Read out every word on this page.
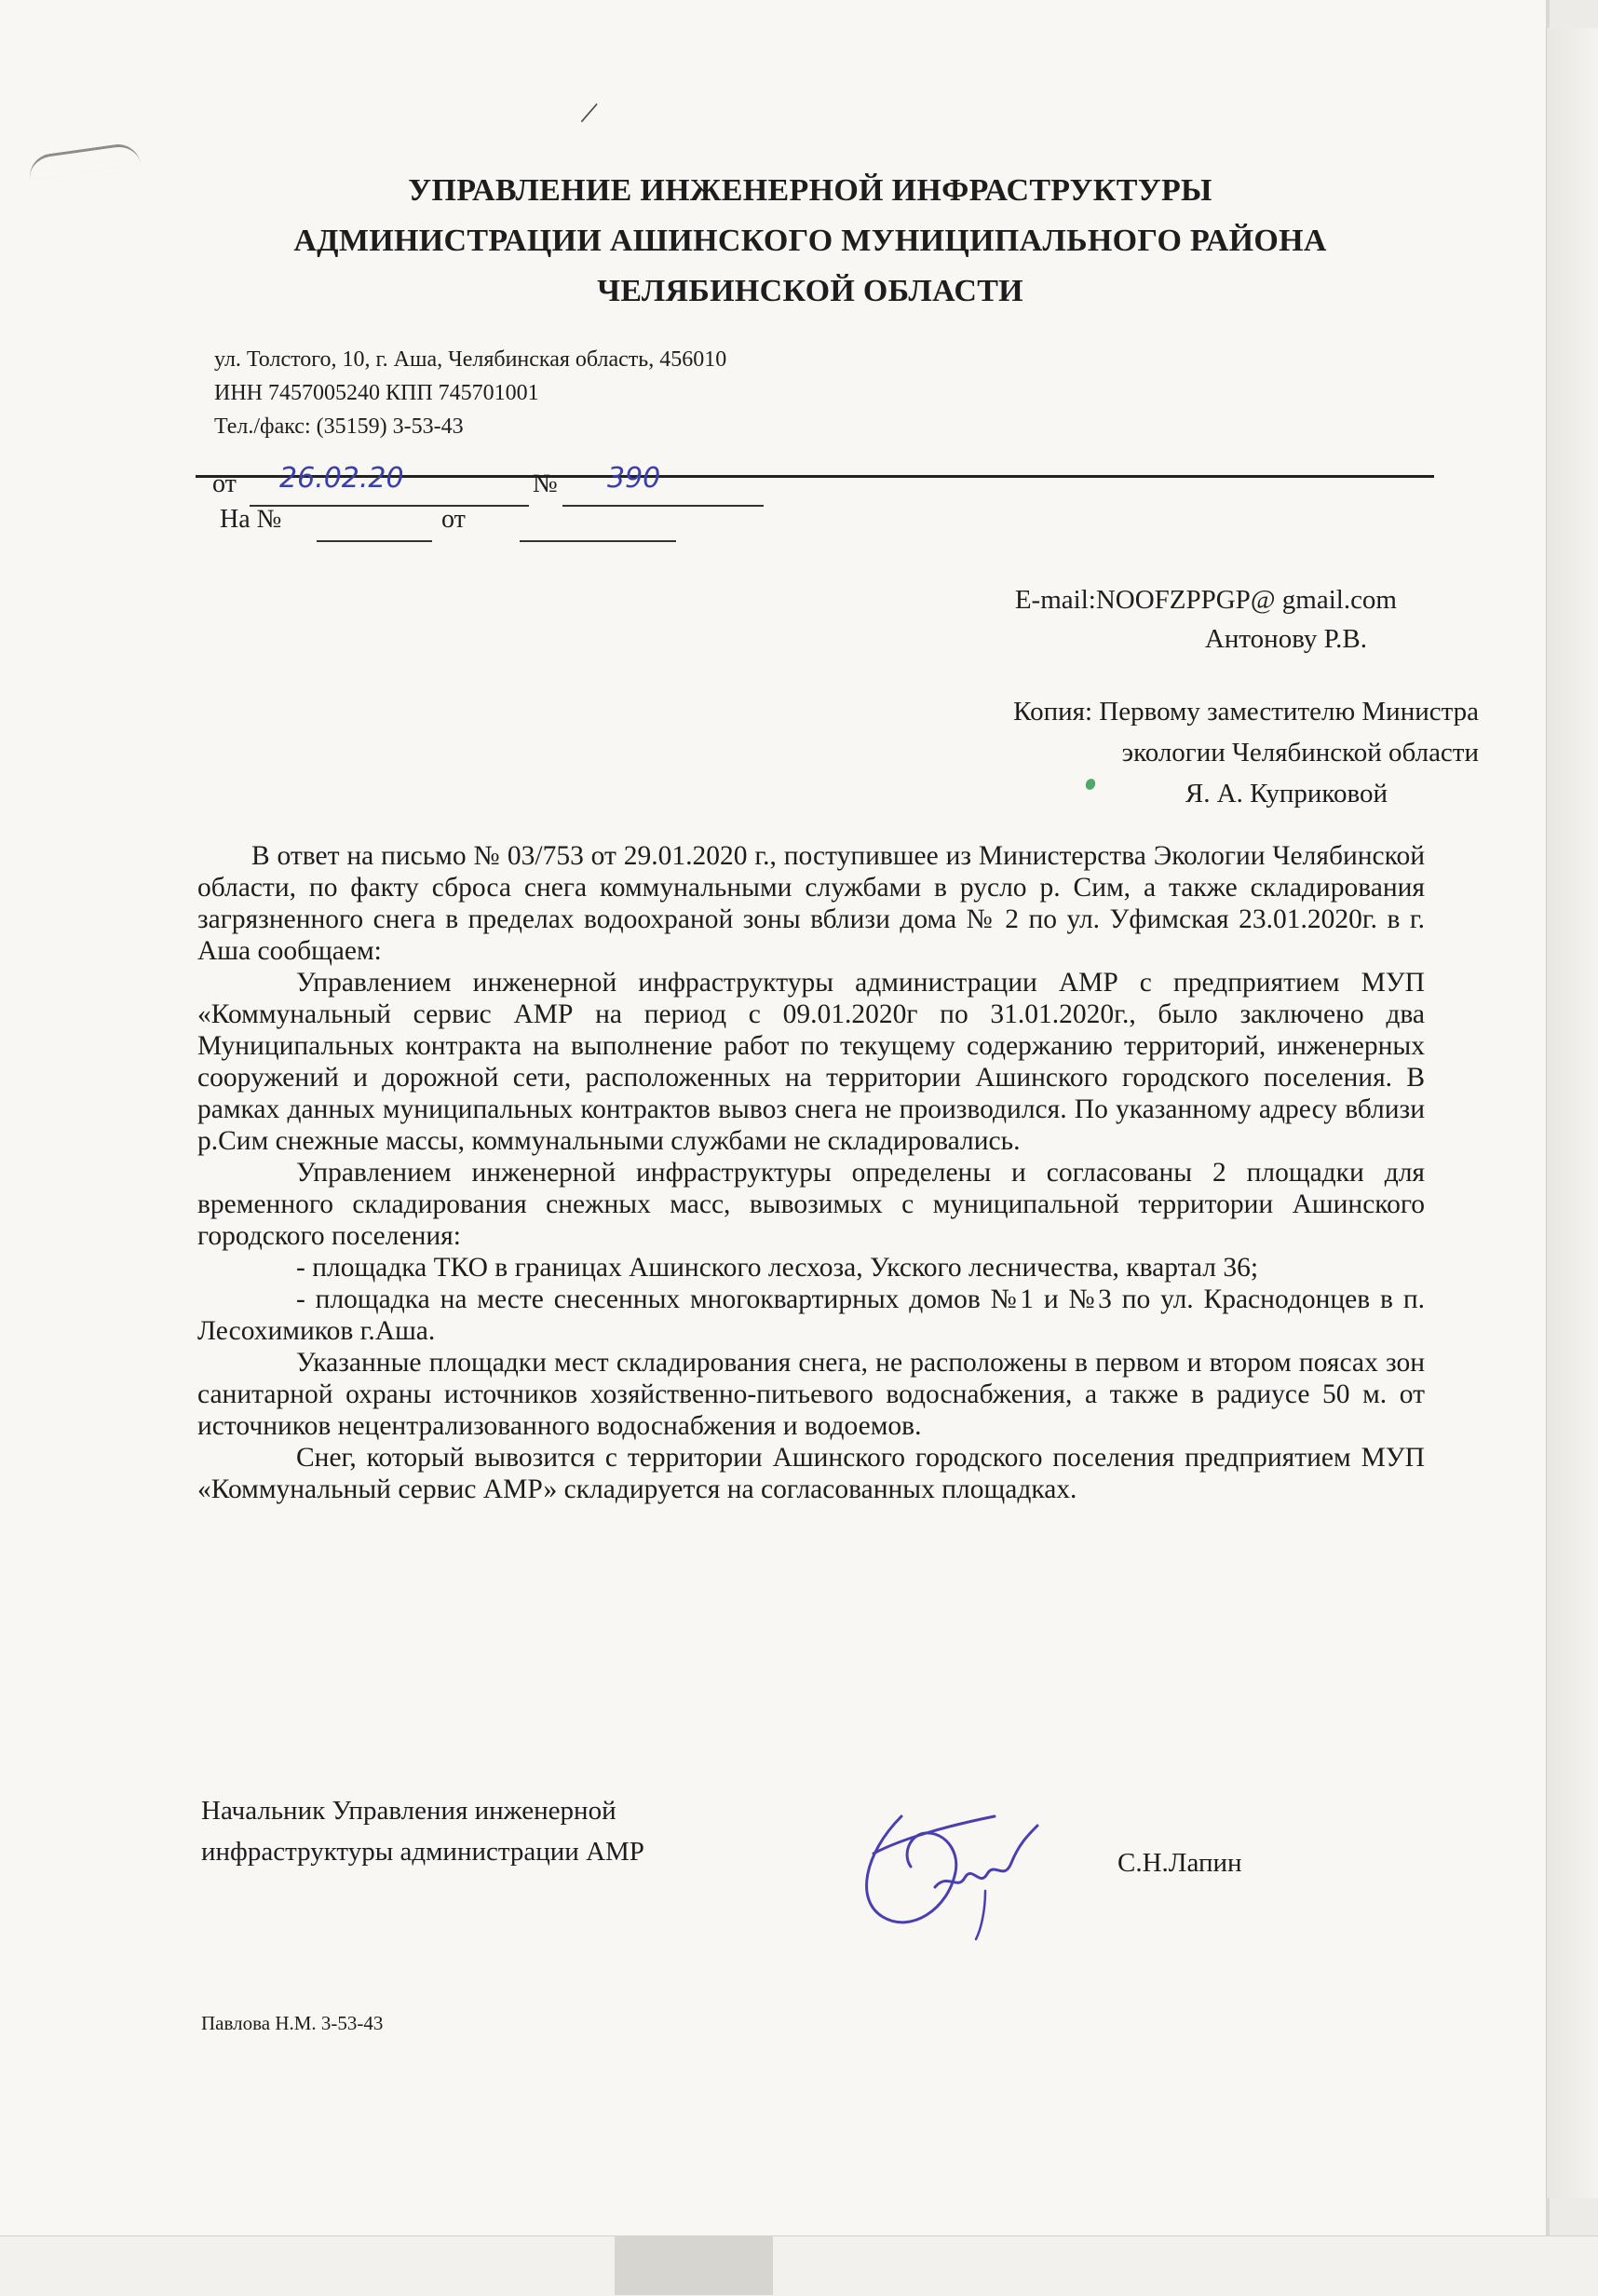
\
УПРАВЛЕНИЕ ИНЖЕНЕРНОЙ ИНФРАСТРУКТУРЫ
АДМИНИСТРАЦИИ АШИНСКОГО МУНИЦИПАЛЬНОГО РАЙОНА
ЧЕЛЯБИНСКОЙ ОБЛАСТИ
ул. Толстого, 10, г. Аша, Челябинская область, 456010
ИНН 7457005240 КПП 745701001
Тел./факс: (35159) 3-53-43
от 26.02.20	№ 390
На №	от
E-mail:NOOFZPPGP@ gmail.com
Антонову Р.В.
Копия: Первому заместителю Министра
экологии Челябинской области
Я. А. Куприковой

В ответ на письмо № 03/753 от 29.01.2020 г., поступившее из Министерства Экологии Челябинской области, по факту сброса снега коммунальными службами в русло р. Сим, а также складирования загрязненного снега в пределах водоохраной зоны вблизи дома № 2 по ул. Уфимская 23.01.2020г. в г. Аша сообщаем:

Управлением инженерной инфраструктуры администрации АМР с предприятием МУП «Коммунальный сервис АМР на период с 09.01.2020г по 31.01.2020г., было заключено два Муниципальных контракта на выполнение работ по текущему содержанию территорий, инженерных сооружений и дорожной сети, расположенных на территории Ашинского городского поселения. В рамках данных муниципальных контрактов вывоз снега не производился. По указанному адресу вблизи р.Сим снежные массы, коммунальными службами не складировались.

Управлением инженерной инфраструктуры определены и согласованы 2 площадки для временного складирования снежных масс, вывозимых с муниципальной территории Ашинского городского поселения:

- площадка ТКО в границах Ашинского лесхоза, Укского лесничества, квартал 36;

- площадка на месте снесенных многоквартирных домов №1 и №3 по ул. Краснодонцев в п. Лесохимиков г.Аша.

Указанные площадки мест складирования снега, не расположены в первом и втором поясах зон санитарной охраны источников хозяйственно-питьевого водоснабжения, а также в радиусе 50 м. от источников нецентрализованного водоснабжения и водоемов.

Снег, который вывозится с территории Ашинского городского поселения предприятием МУП «Коммунальный сервис АМР» складируется на согласованных площадках.

Начальник Управления инженерной
инфраструктуры администрации АМР	С.Н.Лапин
Павлова Н.М. 3-53-43
